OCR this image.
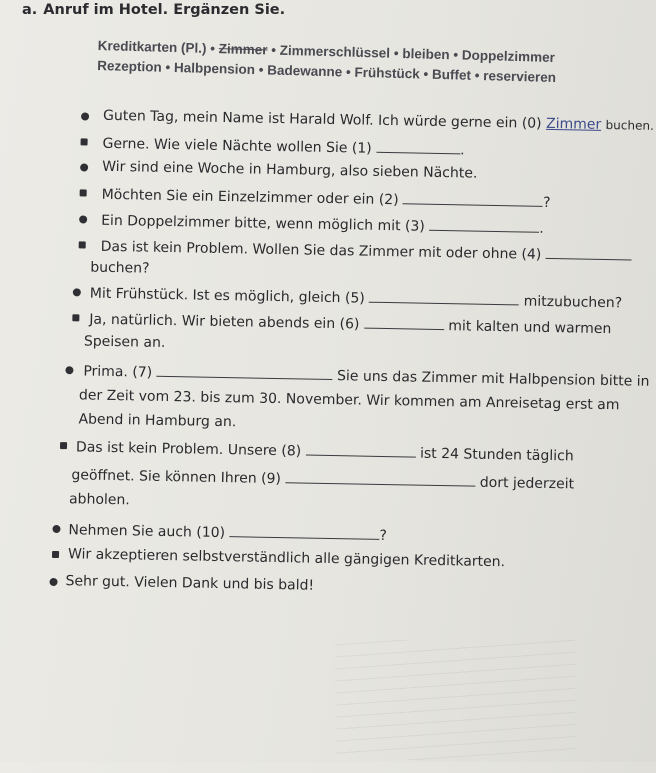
a. Anruf im Hotel. Ergänzen Sie.
Kreditkarten (Pl.) • Zimmer • Zimmerschlüssel • bleiben • Doppelzimmer
Rezeption • Halbpension • Badewanne • Frühstück • Buffet • reservieren
Guten Tag, mein Name ist Harald Wolf. Ich würde gerne ein (0) Zimmer buchen.
Gerne. Wie viele Nächte wollen Sie (1)	.
Wir sind eine Woche in Hamburg, also sieben Nächte.
Möchten Sie ein Einzelzimmer oder ein (2)	?
Ein Doppelzimmer bitte, wenn möglich mit (3)	.
Das ist kein Problem. Wollen Sie das Zimmer mit oder ohne (4)
buchen?
Mit Frühstück. Ist es möglich, gleich (5)	mitzubuchen?
Ja, natürlich. Wir bieten abends ein (6)	mit kalten und warmen
Speisen an.
Prima. (7)	Sie uns das Zimmer mit Halbpension bitte in
der Zeit vom 23. bis zum 30. November. Wir kommen am Anreisetag erst am
Abend in Hamburg an.
Das ist kein Problem. Unsere (8)	ist 24 Stunden täglich
geöffnet. Sie können Ihren (9)	dort jederzeit
abholen.
Nehmen Sie auch (10)	?
Wir akzeptieren selbstverständlich alle gängigen Kreditkarten.
Sehr gut. Vielen Dank und bis bald!
